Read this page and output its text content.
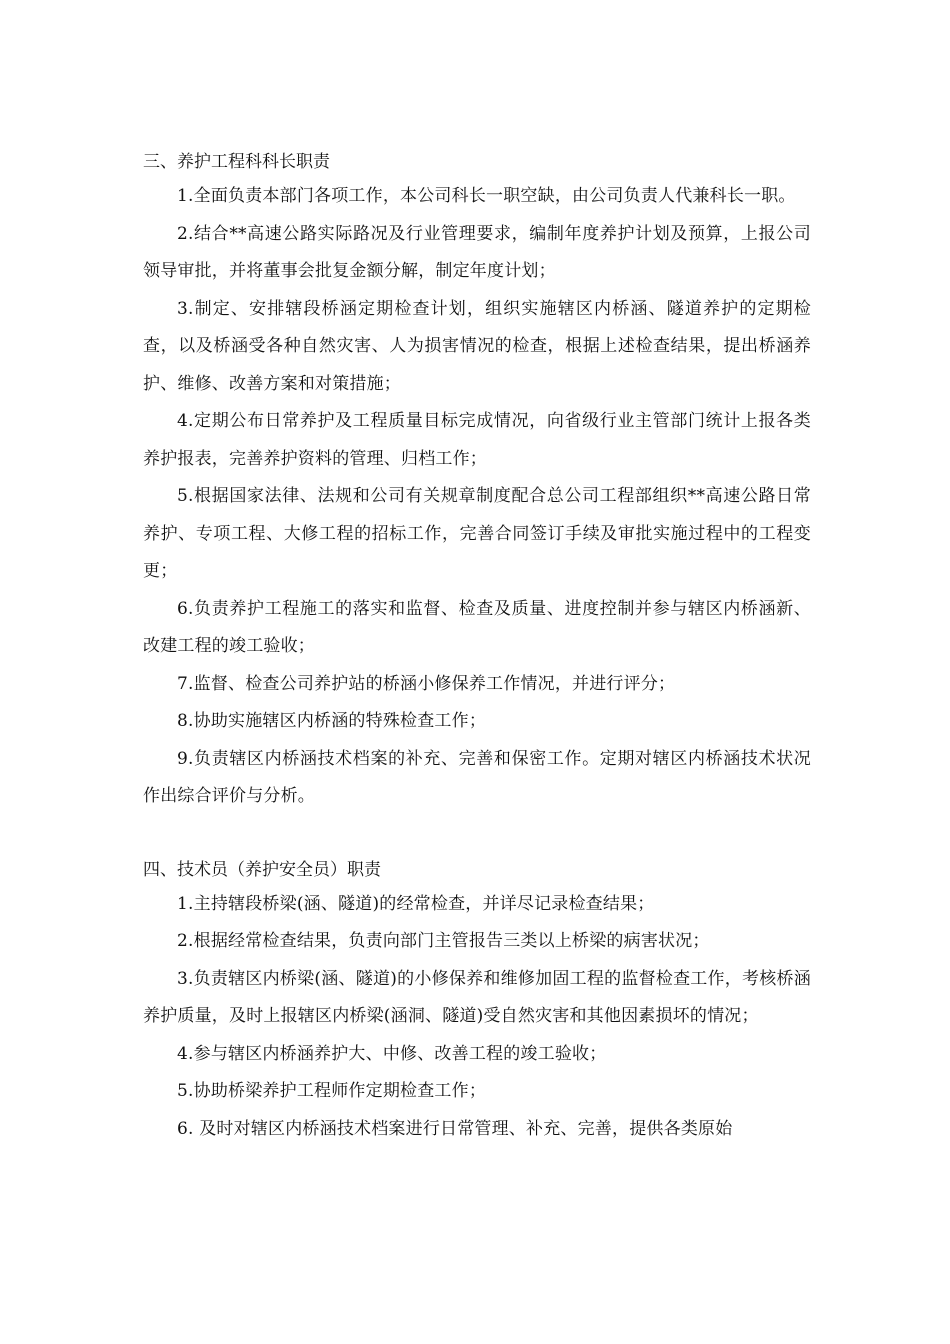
三、养护工程科科长职责

1.全面负责本部门各项工作，本公司科长一职空缺，由公司负责人代兼科长一职。

2.结合**高速公路实际路况及行业管理要求，编制年度养护计划及预算，上报公司领导审批，并将董事会批复金额分解，制定年度计划；

3.制定、安排辖段桥涵定期检查计划，组织实施辖区内桥涵、隧道养护的定期检查，以及桥涵受各种自然灾害、人为损害情况的检查，根据上述检查结果，提出桥涵养护、维修、改善方案和对策措施；

4.定期公布日常养护及工程质量目标完成情况，向省级行业主管部门统计上报各类养护报表，完善养护资料的管理、归档工作；

5.根据国家法律、法规和公司有关规章制度配合总公司工程部组织**高速公路日常养护、专项工程、大修工程的招标工作，完善合同签订手续及审批实施过程中的工程变更；

6.负责养护工程施工的落实和监督、检查及质量、进度控制并参与辖区内桥涵新、改建工程的竣工验收；

7.监督、检查公司养护站的桥涵小修保养工作情况，并进行评分；

8.协助实施辖区内桥涵的特殊检查工作；

9.负责辖区内桥涵技术档案的补充、完善和保密工作。定期对辖区内桥涵技术状况作出综合评价与分析。

四、技术员（养护安全员）职责

1.主持辖段桥梁(涵、隧道)的经常检查，并详尽记录检查结果；

2.根据经常检查结果，负责向部门主管报告三类以上桥梁的病害状况；

3.负责辖区内桥梁(涵、隧道)的小修保养和维修加固工程的监督检查工作，考核桥涵养护质量，及时上报辖区内桥梁(涵洞、隧道)受自然灾害和其他因素损坏的情况；

4.参与辖区内桥涵养护大、中修、改善工程的竣工验收；

5.协助桥梁养护工程师作定期检查工作；

6. 及时对辖区内桥涵技术档案进行日常管理、补充、完善，提供各类原始
